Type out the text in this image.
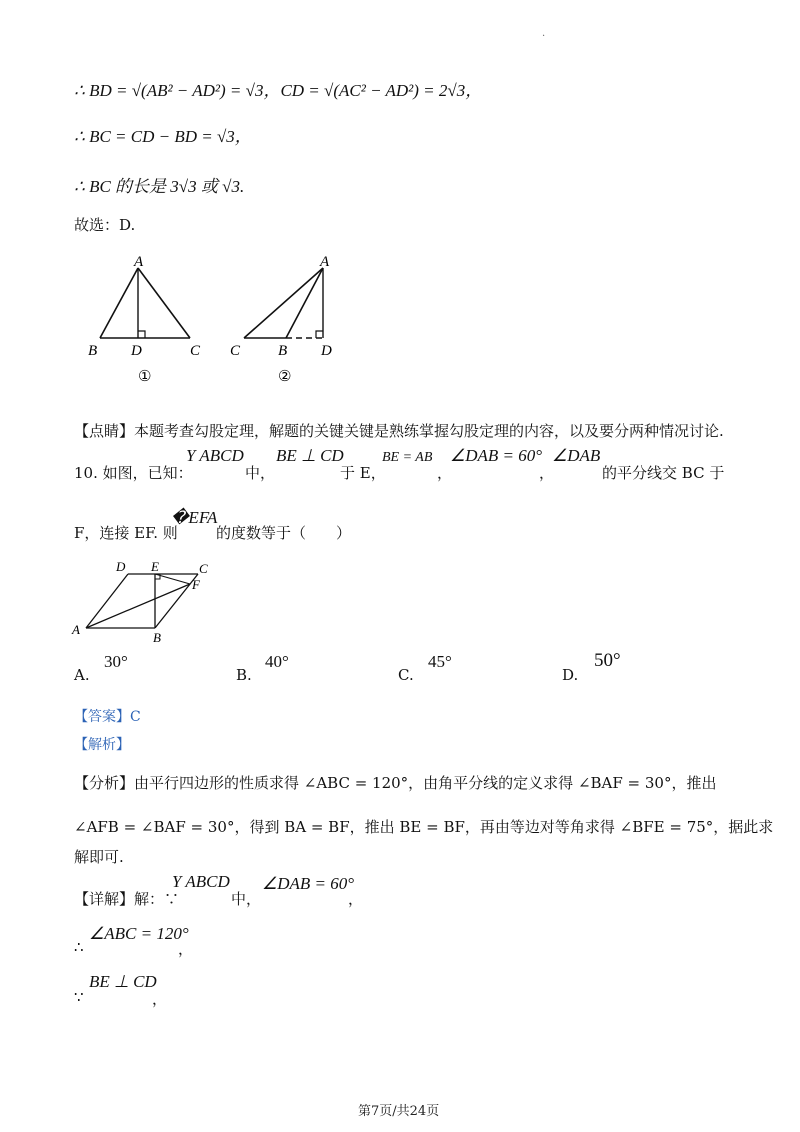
.
∴ BD = √(AB² − AD²) = √3，CD = √(AC² − AD²) = 2√3，
∴ BC = CD − BD = √3，
∴ BC 的长是 3√3 或 √3.
故选：D.
A
B D	C
①
A
C	B D
②
【点睛】本题考查勾股定理，解题的关键关键是熟练掌握勾股定理的内容，以及要分两种情况讨论.
10. 如图，已知：
Y ABCD
中，
BE ⊥ CD
于 E，
BE = AB
，
∠DAB = 60°
，
∠DAB
的平分线交 BC 于
F，连接 EF. 则
�EFA
的度数等于（　　）
D E	C
F
A
B
A.
30°
B.
40°
C.
45°
D.
50°
【答案】C
【解析】
【分析】由平行四边形的性质求得 ∠ABC = 120°，由角平分线的定义求得 ∠BAF = 30°，推出
∠AFB = ∠BAF = 30°，得到 BA = BF，推出 BE = BF，再由等边对等角求得 ∠BFE = 75°，据此求
解即可.
【详解】解：∵
Y ABCD
中，
∠DAB = 60°
，
∴
∠ABC = 120°
，
∵
BE ⊥ CD
，
第7页/共24页
